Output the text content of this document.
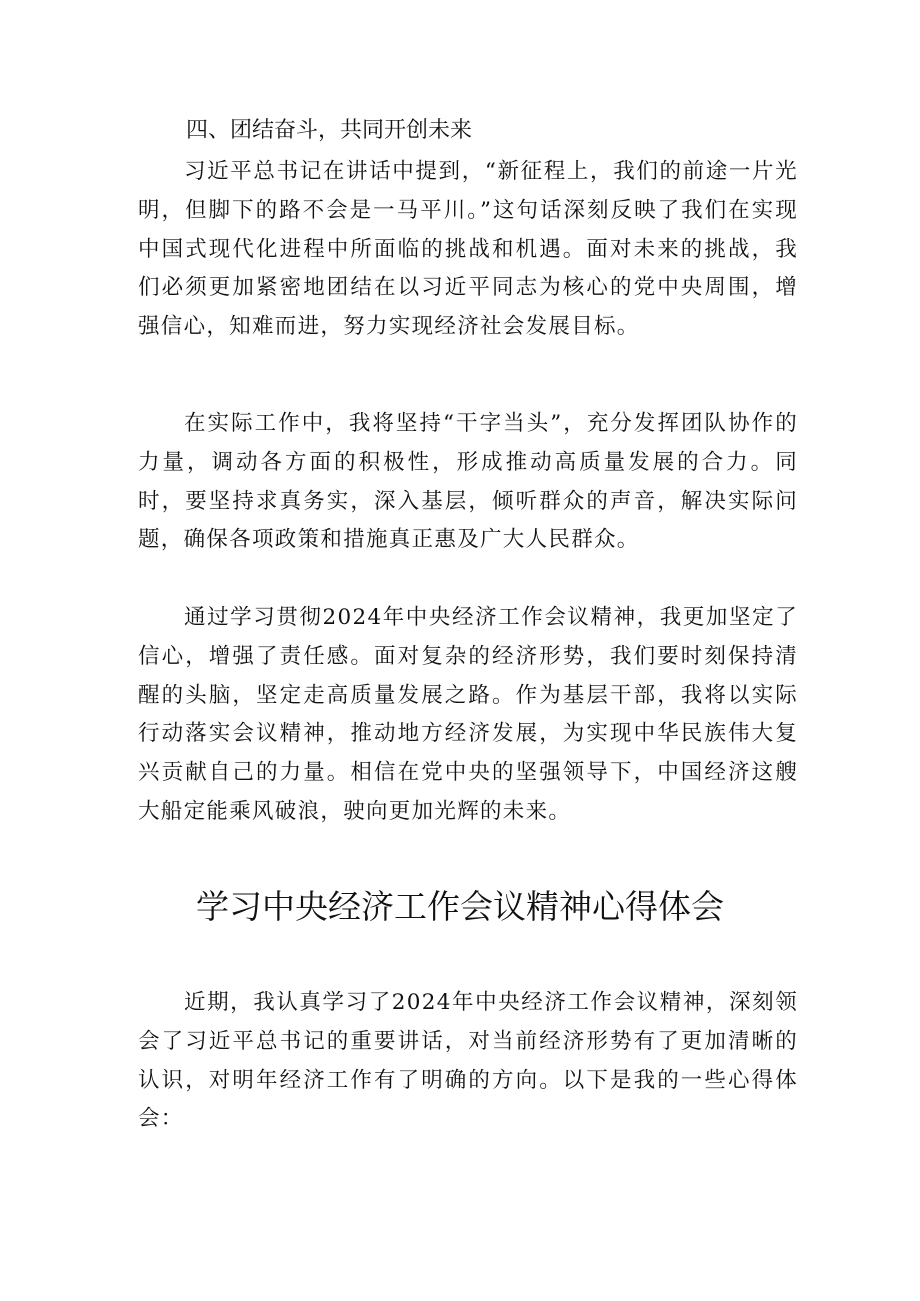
四、团结奋斗，共同开创未来

习近平总书记在讲话中提到，“新征程上，我们的前途一片光明，但脚下的路不会是一马平川。”这句话深刻反映了我们在实现中国式现代化进程中所面临的挑战和机遇。面对未来的挑战，我们必须更加紧密地团结在以习近平同志为核心的党中央周围，增强信心，知难而进，努力实现经济社会发展目标。

在实际工作中，我将坚持“干字当头”，充分发挥团队协作的力量，调动各方面的积极性，形成推动高质量发展的合力。同时，要坚持求真务实，深入基层，倾听群众的声音，解决实际问题，确保各项政策和措施真正惠及广大人民群众。

通过学习贯彻2024年中央经济工作会议精神，我更加坚定了信心，增强了责任感。面对复杂的经济形势，我们要时刻保持清醒的头脑，坚定走高质量发展之路。作为基层干部，我将以实际行动落实会议精神，推动地方经济发展，为实现中华民族伟大复兴贡献自己的力量。相信在党中央的坚强领导下，中国经济这艘大船定能乘风破浪，驶向更加光辉的未来。

学习中央经济工作会议精神心得体会

近期，我认真学习了2024年中央经济工作会议精神，深刻领会了习近平总书记的重要讲话，对当前经济形势有了更加清晰的认识，对明年经济工作有了明确的方向。以下是我的一些心得体会：
